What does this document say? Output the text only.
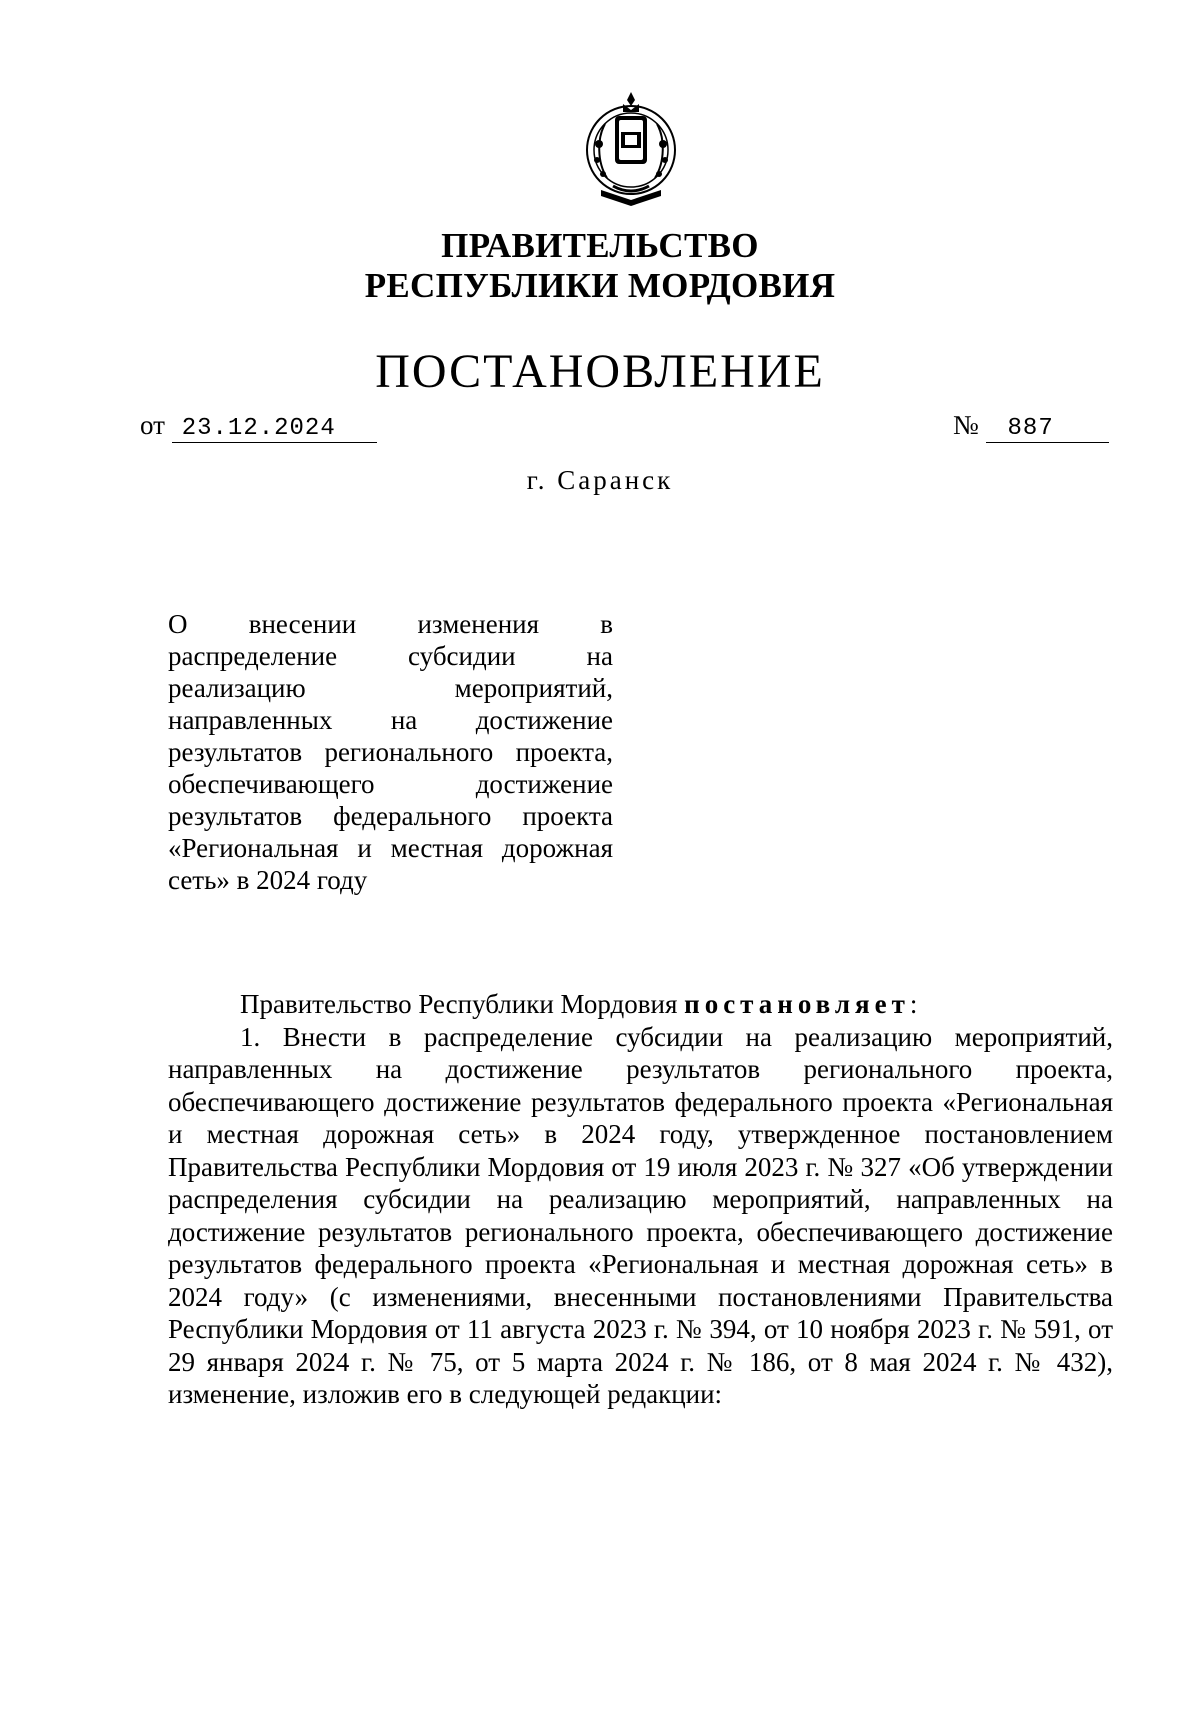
ПРАВИТЕЛЬСТВО
РЕСПУБЛИКИ МОРДОВИЯ
ПОСТАНОВЛЕНИЕ
от 23.12.2024	№ 887
г. Саранск
О внесении изменения в распределение субсидии на реализацию мероприятий, направленных на достижение результатов регионального проекта, обеспечивающего достижение результатов федерального проекта «Региональная и местная дорожная сеть» в 2024 году

Правительство Республики Мордовия постановляет:

1. Внести в распределение субсидии на реализацию мероприятий, направленных на достижение результатов регионального проекта, обеспечивающего достижение результатов федерального проекта «Региональная и местная дорожная сеть» в 2024 году, утвержденное постановлением Правительства Республики Мордовия от 19 июля 2023 г. № 327 «Об утверждении распределения субсидии на реализацию мероприятий, направленных на достижение результатов регионального проекта, обеспечивающего достижение результатов федерального проекта «Региональная и местная дорожная сеть» в 2024 году» (с изменениями, внесенными постановлениями Правительства Республики Мордовия от 11 августа 2023 г. № 394, от 10 ноября 2023 г. № 591, от 29 января 2024 г. № 75, от 5 марта 2024 г. № 186, от 8 мая 2024 г. № 432), изменение, изложив его в следующей редакции:
